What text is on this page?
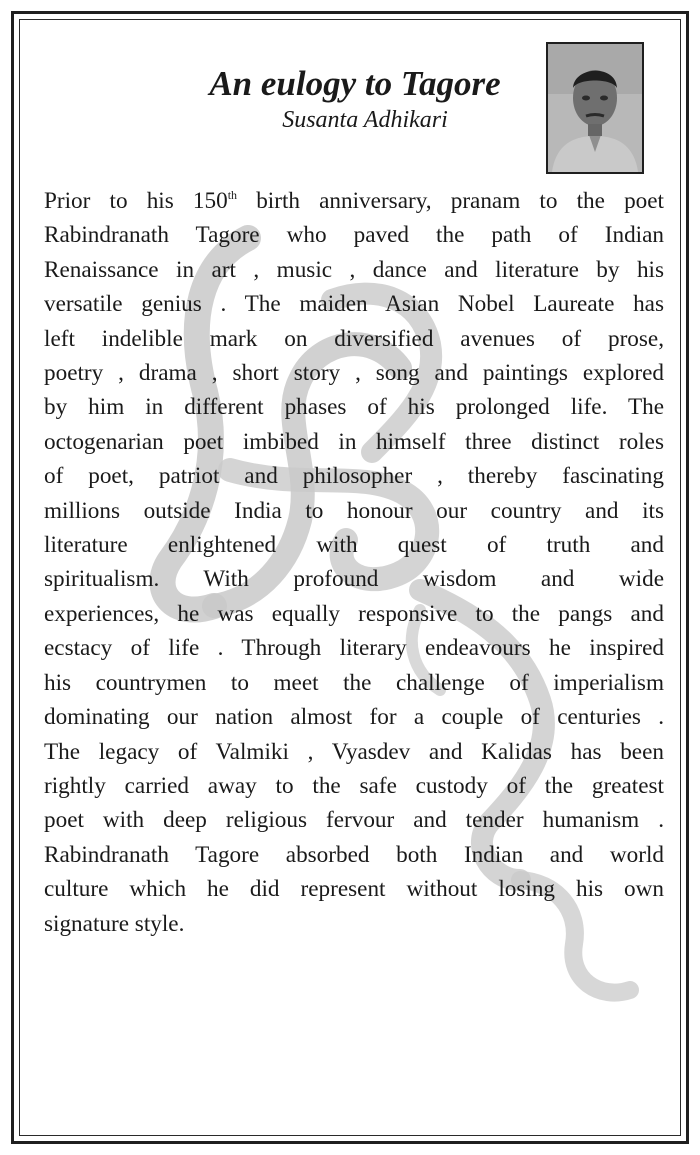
An eulogy to Tagore
Susanta Adhikari
Prior to his 150th birth anniversary, pranam to the poet
Rabindranath Tagore who paved the path of Indian
Renaissance in art , music , dance and literature by his
versatile genius . The maiden Asian Nobel Laureate has
left indelible mark on diversified avenues of prose,
poetry , drama , short story , song and paintings explored
by him in different phases of his prolonged life. The
octogenarian poet imbibed in himself three distinct roles
of poet, patriot and philosopher , thereby fascinating
millions outside India to honour our country and its
literature enlightened with quest of truth and
spiritualism. With profound wisdom and wide
experiences, he was equally responsive to the pangs and
ecstacy of life . Through literary endeavours he inspired
his countrymen to meet the challenge of imperialism
dominating our nation almost for a couple of centuries .
The legacy of Valmiki , Vyasdev and Kalidas has been
rightly carried away to the safe custody of the greatest
poet with deep religious fervour and tender humanism .
Rabindranath Tagore absorbed both Indian and world
culture which he did represent without losing his own
signature style.
